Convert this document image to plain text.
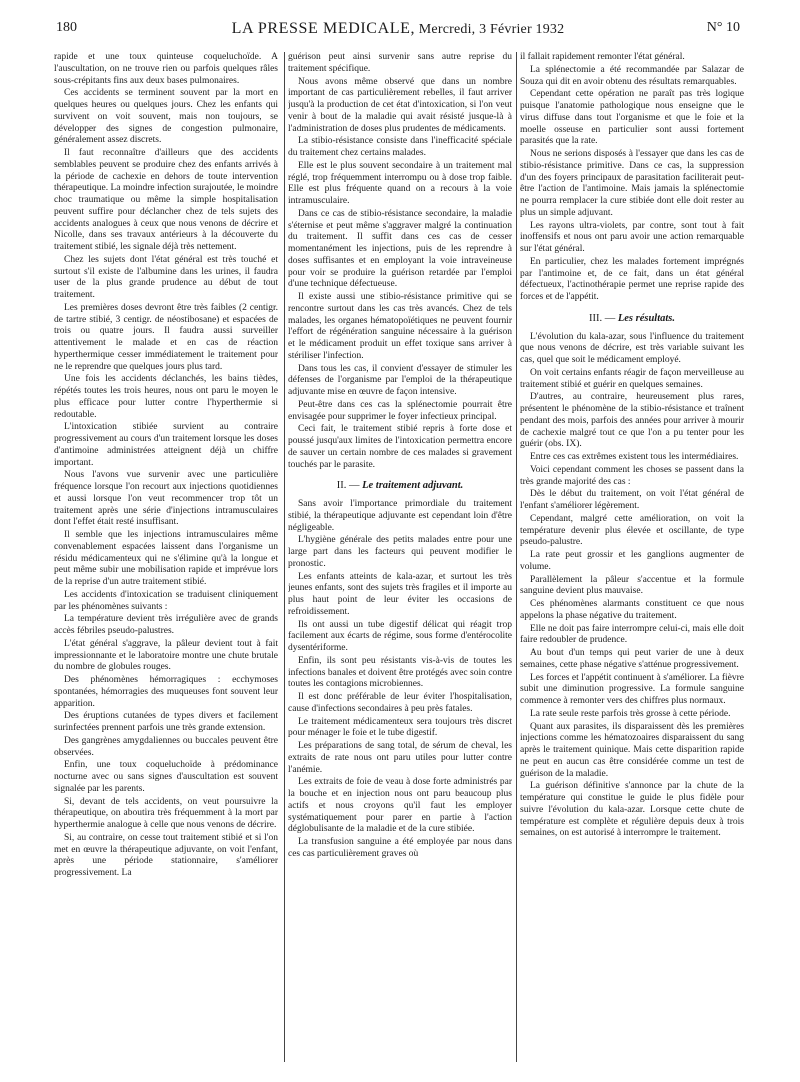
180	LA PRESSE MEDICALE, Mercredi, 3 Février 1932	N° 10

rapide et une toux quinteuse coqueluchoïde. A l'auscultation, on ne trouve rien ou parfois quelques râles sous-crépitants fins aux deux bases pulmonaires.

Ces accidents se terminent souvent par la mort en quelques heures ou quelques jours. Chez les enfants qui survivent on voit souvent, mais non toujours, se développer des signes de congestion pulmonaire, généralement assez discrets.

Il faut reconnaître d'ailleurs que des accidents semblables peuvent se produire chez des enfants arrivés à la période de cachexie en dehors de toute intervention thérapeutique. La moindre infection surajoutée, le moindre choc traumatique ou même la simple hospitalisation peuvent suffire pour déclancher chez de tels sujets des accidents analogues à ceux que nous venons de décrire et Nicolle, dans ses travaux antérieurs à la découverte du traitement stibié, les signale déjà très nettement.

Chez les sujets dont l'état général est très touché et surtout s'il existe de l'albumine dans les urines, il faudra user de la plus grande prudence au début de tout traitement.

Les premières doses devront être très faibles (2 centigr. de tartre stibié, 3 centigr. de néostibosane) et espacées de trois ou quatre jours. Il faudra aussi surveiller attentivement le malade et en cas de réaction hyperthermique cesser immédiatement le traitement pour ne le reprendre que quelques jours plus tard.

Une fois les accidents déclanchés, les bains tièdes, répétés toutes les trois heures, nous ont paru le moyen le plus efficace pour lutter contre l'hyperthermie si redoutable.

L'intoxication stibiée survient au contraire progressivement au cours d'un traitement lorsque les doses d'antimoine administrées atteignent déjà un chiffre important.

Nous l'avons vue survenir avec une particulière fréquence lorsque l'on recourt aux injections quotidiennes et aussi lorsque l'on veut recommencer trop tôt un traitement après une série d'injections intramusculaires dont l'effet était resté insuffisant.

Il semble que les injections intramusculaires même convenablement espacées laissent dans l'organisme un résidu médicamenteux qui ne s'élimine qu'à la longue et peut même subir une mobilisation rapide et imprévue lors de la reprise d'un autre traitement stibié.

Les accidents d'intoxication se traduisent cliniquement par les phénomènes suivants :

La température devient très irrégulière avec de grands accès fébriles pseudo-palustres.

L'état général s'aggrave, la pâleur devient tout à fait impressionnante et le laboratoire montre une chute brutale du nombre de globules rouges.

Des phénomènes hémorragiques : ecchymoses spontanées, hémorragies des muqueuses font souvent leur apparition.

Des éruptions cutanées de types divers et facilement surinfectées prennent parfois une très grande extension.

Des gangrènes amygdaliennes ou buccales peuvent être observées.

Enfin, une toux coqueluchoïde à prédominance nocturne avec ou sans signes d'auscultation est souvent signalée par les parents.

Si, devant de tels accidents, on veut poursuivre la thérapeutique, on aboutira très fréquemment à la mort par hyperthermie analogue à celle que nous venons de décrire.

Si, au contraire, on cesse tout traitement stibié et si l'on met en œuvre la thérapeutique adjuvante, on voit l'enfant, après une période stationnaire, s'améliorer progressivement. La

guérison peut ainsi survenir sans autre reprise du traitement spécifique.

Nous avons même observé que dans un nombre important de cas particulièrement rebelles, il faut arriver jusqu'à la production de cet état d'intoxication, si l'on veut venir à bout de la maladie qui avait résisté jusque-là à l'administration de doses plus prudentes de médicaments.

La stibio-résistance consiste dans l'inefficacité spéciale du traitement chez certains malades.

Elle est le plus souvent secondaire à un traitement mal réglé, trop fréquemment interrompu ou à dose trop faible. Elle est plus fréquente quand on a recours à la voie intramusculaire.

Dans ce cas de stibio-résistance secondaire, la maladie s'éternise et peut même s'aggraver malgré la continuation du traitement. Il suffit dans ces cas de cesser momentanément les injections, puis de les reprendre à doses suffisantes et en employant la voie intraveineuse pour voir se produire la guérison retardée par l'emploi d'une technique défectueuse.

Il existe aussi une stibio-résistance primitive qui se rencontre surtout dans les cas très avancés. Chez de tels malades, les organes hématopoïétiques ne peuvent fournir l'effort de régénération sanguine nécessaire à la guérison et le médicament produit un effet toxique sans arriver à stériliser l'infection.

Dans tous les cas, il convient d'essayer de stimuler les défenses de l'organisme par l'emploi de la thérapeutique adjuvante mise en œuvre de façon intensive.

Peut-être dans ces cas la splénectomie pourrait être envisagée pour supprimer le foyer infectieux principal.

Ceci fait, le traitement stibié repris à forte dose et poussé jusqu'aux limites de l'intoxication permettra encore de sauver un certain nombre de ces malades si gravement touchés par le parasite.

II. — Le traitement adjuvant.

Sans avoir l'importance primordiale du traitement stibié, la thérapeutique adjuvante est cependant loin d'être négligeable.

L'hygiène générale des petits malades entre pour une large part dans les facteurs qui peuvent modifier le pronostic.

Les enfants atteints de kala-azar, et surtout les très jeunes enfants, sont des sujets très fragiles et il importe au plus haut point de leur éviter les occasions de refroidissement.

Ils ont aussi un tube digestif délicat qui réagit trop facilement aux écarts de régime, sous forme d'entérocolite dysentériforme.

Enfin, ils sont peu résistants vis-à-vis de toutes les infections banales et doivent être protégés avec soin contre toutes les contagions microbiennes.

Il est donc préférable de leur éviter l'hospitalisation, cause d'infections secondaires à peu près fatales.

Le traitement médicamenteux sera toujours très discret pour ménager le foie et le tube digestif.

Les préparations de sang total, de sérum de cheval, les extraits de rate nous ont paru utiles pour lutter contre l'anémie.

Les extraits de foie de veau à dose forte administrés par la bouche et en injection nous ont paru beaucoup plus actifs et nous croyons qu'il faut les employer systématiquement pour parer en partie à l'action déglobulisante de la maladie et de la cure stibiée.

La transfusion sanguine a été employée par nous dans ces cas particulièrement graves où

il fallait rapidement remonter l'état général.

La splénectomie a été recommandée par Salazar de Souza qui dit en avoir obtenu des résultats remarquables.

Cependant cette opération ne paraît pas très logique puisque l'anatomie pathologique nous enseigne que le virus diffuse dans tout l'organisme et que le foie et la moelle osseuse en particulier sont aussi fortement parasités que la rate.

Nous ne serions disposés à l'essayer que dans les cas de stibio-résistance primitive. Dans ce cas, la suppression d'un des foyers principaux de parasitation faciliterait peut-être l'action de l'antimoine. Mais jamais la splénectomie ne pourra remplacer la cure stibiée dont elle doit rester au plus un simple adjuvant.

Les rayons ultra-violets, par contre, sont tout à fait inoffensifs et nous ont paru avoir une action remarquable sur l'état général.

En particulier, chez les malades fortement imprégnés par l'antimoine et, de ce fait, dans un état général défectueux, l'actinothérapie permet une reprise rapide des forces et de l'appétit.

III. — Les résultats.

L'évolution du kala-azar, sous l'influence du traitement que nous venons de décrire, est très variable suivant les cas, quel que soit le médicament employé.

On voit certains enfants réagir de façon merveilleuse au traitement stibié et guérir en quelques semaines.

D'autres, au contraire, heureusement plus rares, présentent le phénomène de la stibio-résistance et traînent pendant des mois, parfois des années pour arriver à mourir de cachexie malgré tout ce que l'on a pu tenter pour les guérir (obs. IX).

Entre ces cas extrêmes existent tous les intermédiaires.

Voici cependant comment les choses se passent dans la très grande majorité des cas :

Dès le début du traitement, on voit l'état général de l'enfant s'améliorer légèrement.

Cependant, malgré cette amélioration, on voit la température devenir plus élevée et oscillante, de type pseudo-palustre.

La rate peut grossir et les ganglions augmenter de volume.

Parallèlement la pâleur s'accentue et la formule sanguine devient plus mauvaise.

Ces phénomènes alarmants constituent ce que nous appelons la phase négative du traitement.

Elle ne doit pas faire interrompre celui-ci, mais elle doit faire redoubler de prudence.

Au bout d'un temps qui peut varier de une à deux semaines, cette phase négative s'atténue progressivement.

Les forces et l'appétit continuent à s'améliorer. La fièvre subit une diminution progressive. La formule sanguine commence à remonter vers des chiffres plus normaux.

La rate seule reste parfois très grosse à cette période.

Quant aux parasites, ils disparaissent dès les premières injections comme les hématozoaires disparaissent du sang après le traitement quinique. Mais cette disparition rapide ne peut en aucun cas être considérée comme un test de guérison de la maladie.

La guérison définitive s'annonce par la chute de la température qui constitue le guide le plus fidèle pour suivre l'évolution du kala-azar. Lorsque cette chute de température est complète et régulière depuis deux à trois semaines, on est autorisé à interrompre le traitement.
